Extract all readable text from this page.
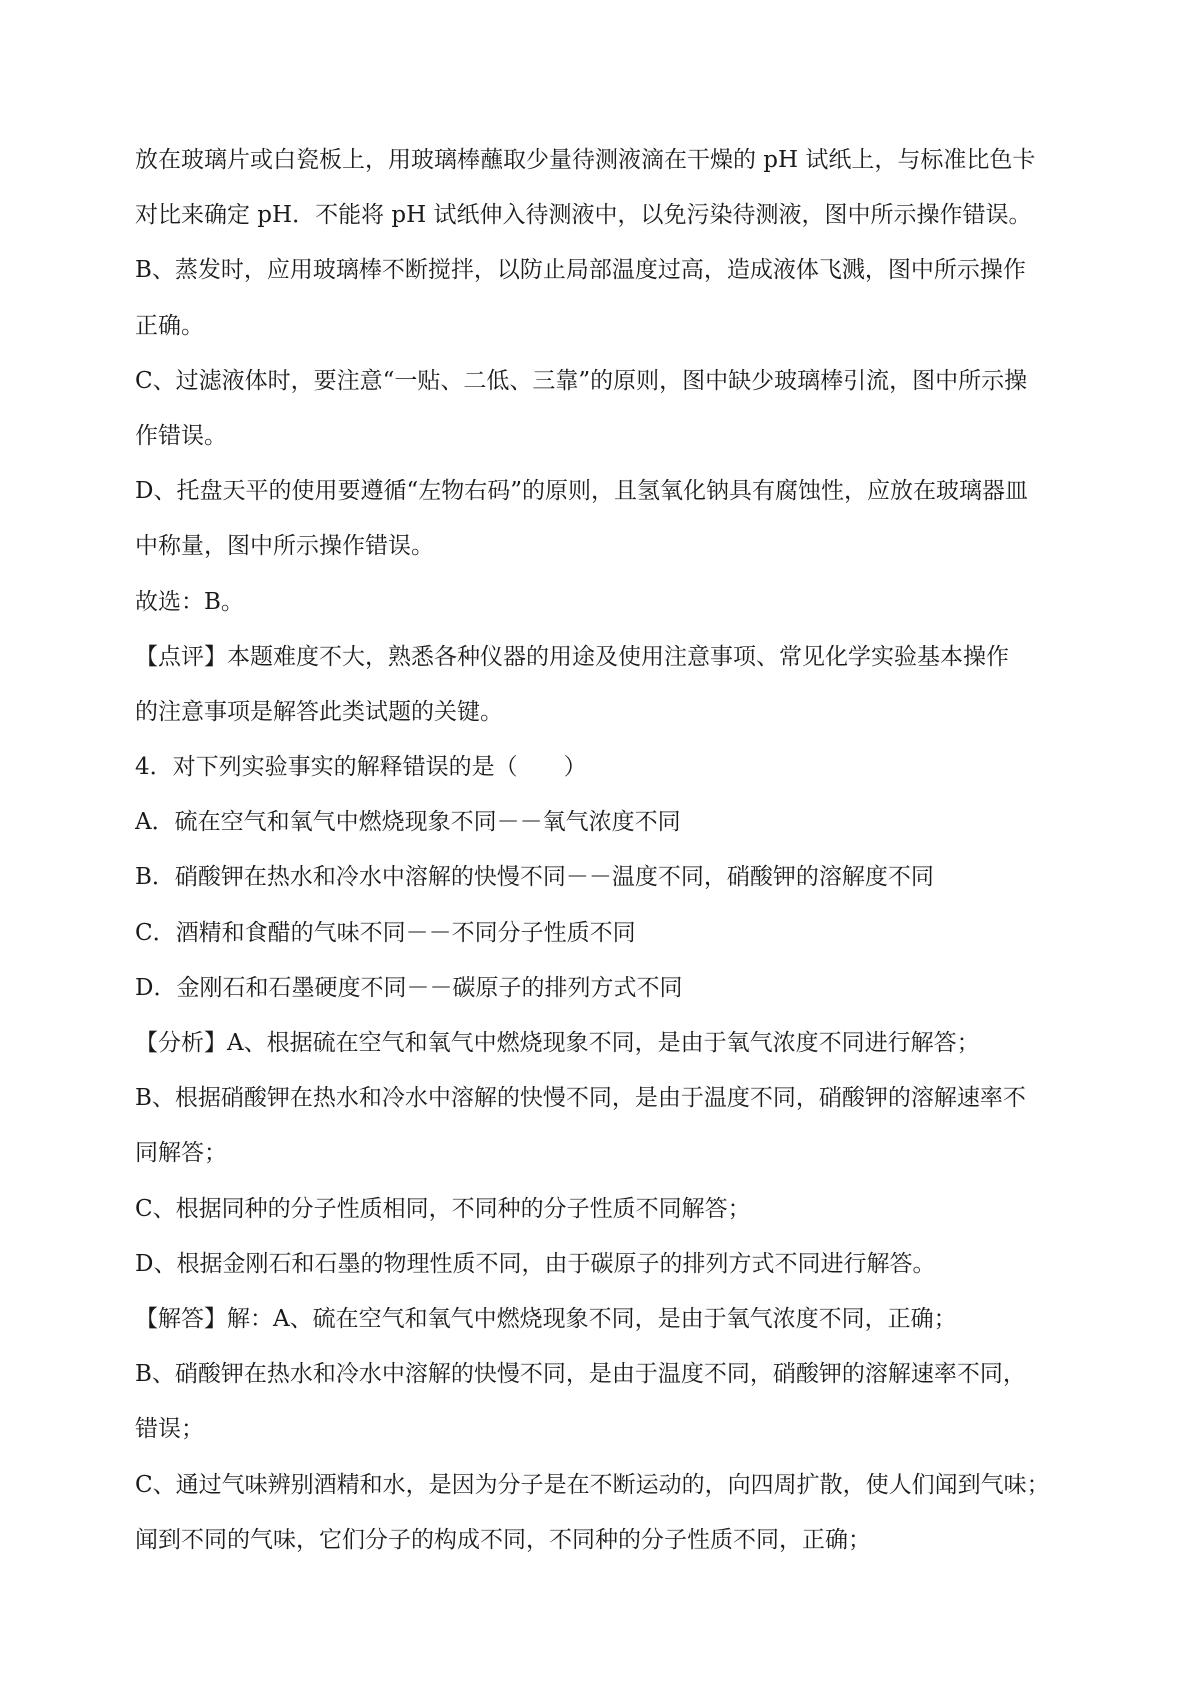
放在玻璃片或白瓷板上，用玻璃棒蘸取少量待测液滴在干燥的 pH 试纸上，与标准比色卡
对比来确定 pH．不能将 pH 试纸伸入待测液中，以免污染待测液，图中所示操作错误。
B、蒸发时，应用玻璃棒不断搅拌，以防止局部温度过高，造成液体飞溅，图中所示操作
正确。
C、过滤液体时，要注意“一贴、二低、三靠”的原则，图中缺少玻璃棒引流，图中所示操
作错误。
D、托盘天平的使用要遵循“左物右码”的原则，且氢氧化钠具有腐蚀性，应放在玻璃器皿
中称量，图中所示操作错误。
故选：B。
【点评】本题难度不大，熟悉各种仪器的用途及使用注意事项、常见化学实验基本操作
的注意事项是解答此类试题的关键。
4．对下列实验事实的解释错误的是（　　）
A．硫在空气和氧气中燃烧现象不同－－氧气浓度不同
B．硝酸钾在热水和冷水中溶解的快慢不同－－温度不同，硝酸钾的溶解度不同
C．酒精和食醋的气味不同－－不同分子性质不同
D．金刚石和石墨硬度不同－－碳原子的排列方式不同
【分析】A、根据硫在空气和氧气中燃烧现象不同，是由于氧气浓度不同进行解答；
B、根据硝酸钾在热水和冷水中溶解的快慢不同，是由于温度不同，硝酸钾的溶解速率不
同解答；
C、根据同种的分子性质相同，不同种的分子性质不同解答；
D、根据金刚石和石墨的物理性质不同，由于碳原子的排列方式不同进行解答。
【解答】解：A、硫在空气和氧气中燃烧现象不同，是由于氧气浓度不同，正确；
B、硝酸钾在热水和冷水中溶解的快慢不同，是由于温度不同，硝酸钾的溶解速率不同，
错误；
C、通过气味辨别酒精和水，是因为分子是在不断运动的，向四周扩散，使人们闻到气味；
闻到不同的气味，它们分子的构成不同，不同种的分子性质不同，正确；
